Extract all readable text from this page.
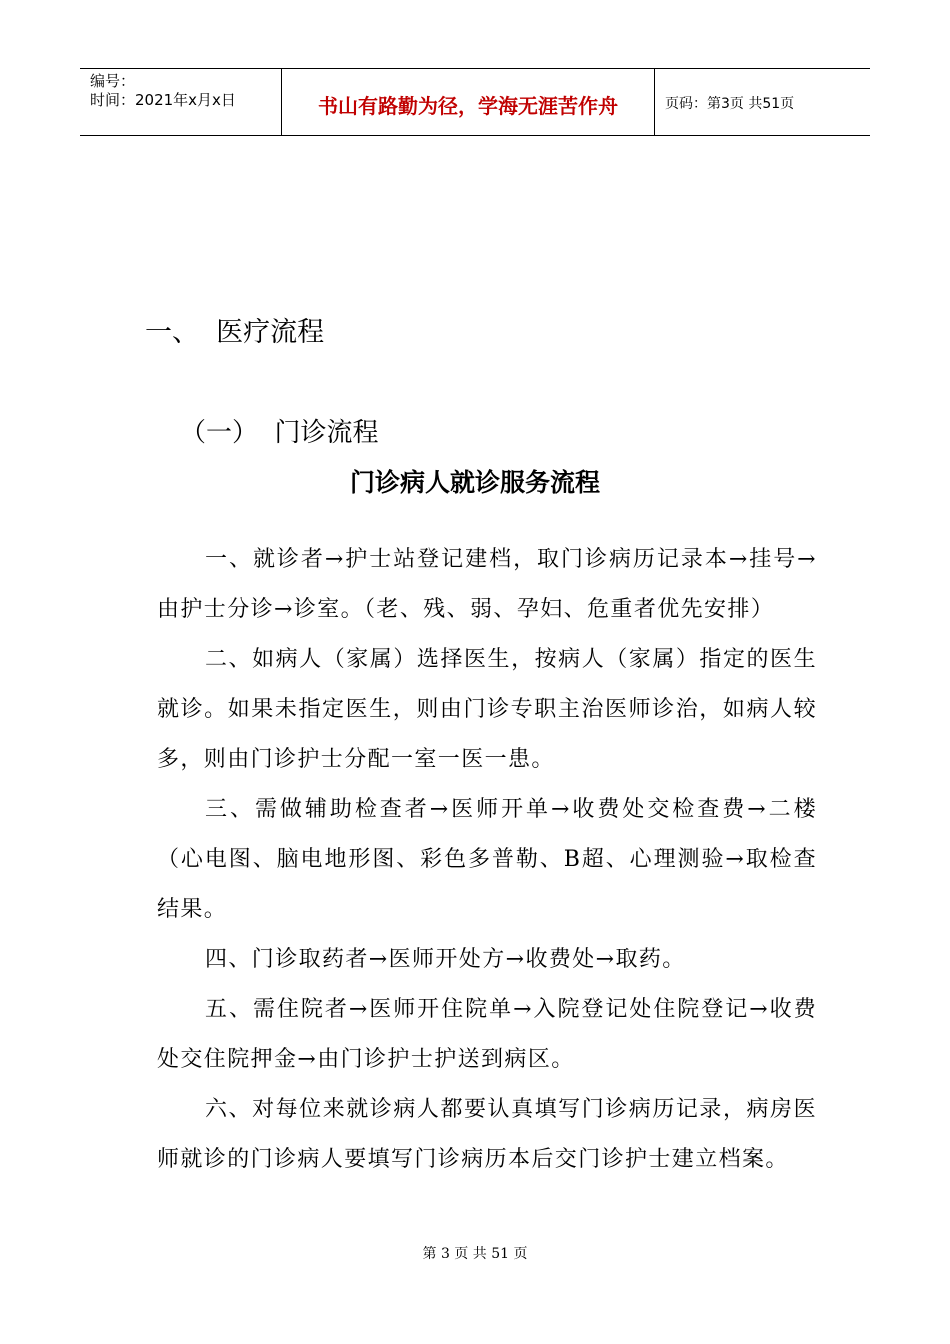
编号：
时间：2021年x月x日	书山有路勤为径，学海无涯苦作舟	页码：第3页 共51页
一、  医疗流程
（一）  门诊流程
门诊病人就诊服务流程

一、就诊者→护士站登记建档，取门诊病历记录本→挂号→由护士分诊→诊室。（老、残、弱、孕妇、危重者优先安排）

二、如病人（家属）选择医生，按病人（家属）指定的医生就诊。如果未指定医生，则由门诊专职主治医师诊治，如病人较多，则由门诊护士分配一室一医一患。

三、需做辅助检查者→医师开单→收费处交检查费→二楼（心电图、脑电地形图、彩色多普勒、B超、心理测验→取检查结果。

四、门诊取药者→医师开处方→收费处→取药。

五、需住院者→医师开住院单→入院登记处住院登记→收费处交住院押金→由门诊护士护送到病区。

六、对每位来就诊病人都要认真填写门诊病历记录，病房医师就诊的门诊病人要填写门诊病历本后交门诊护士建立档案。

第 3 页 共 51 页
